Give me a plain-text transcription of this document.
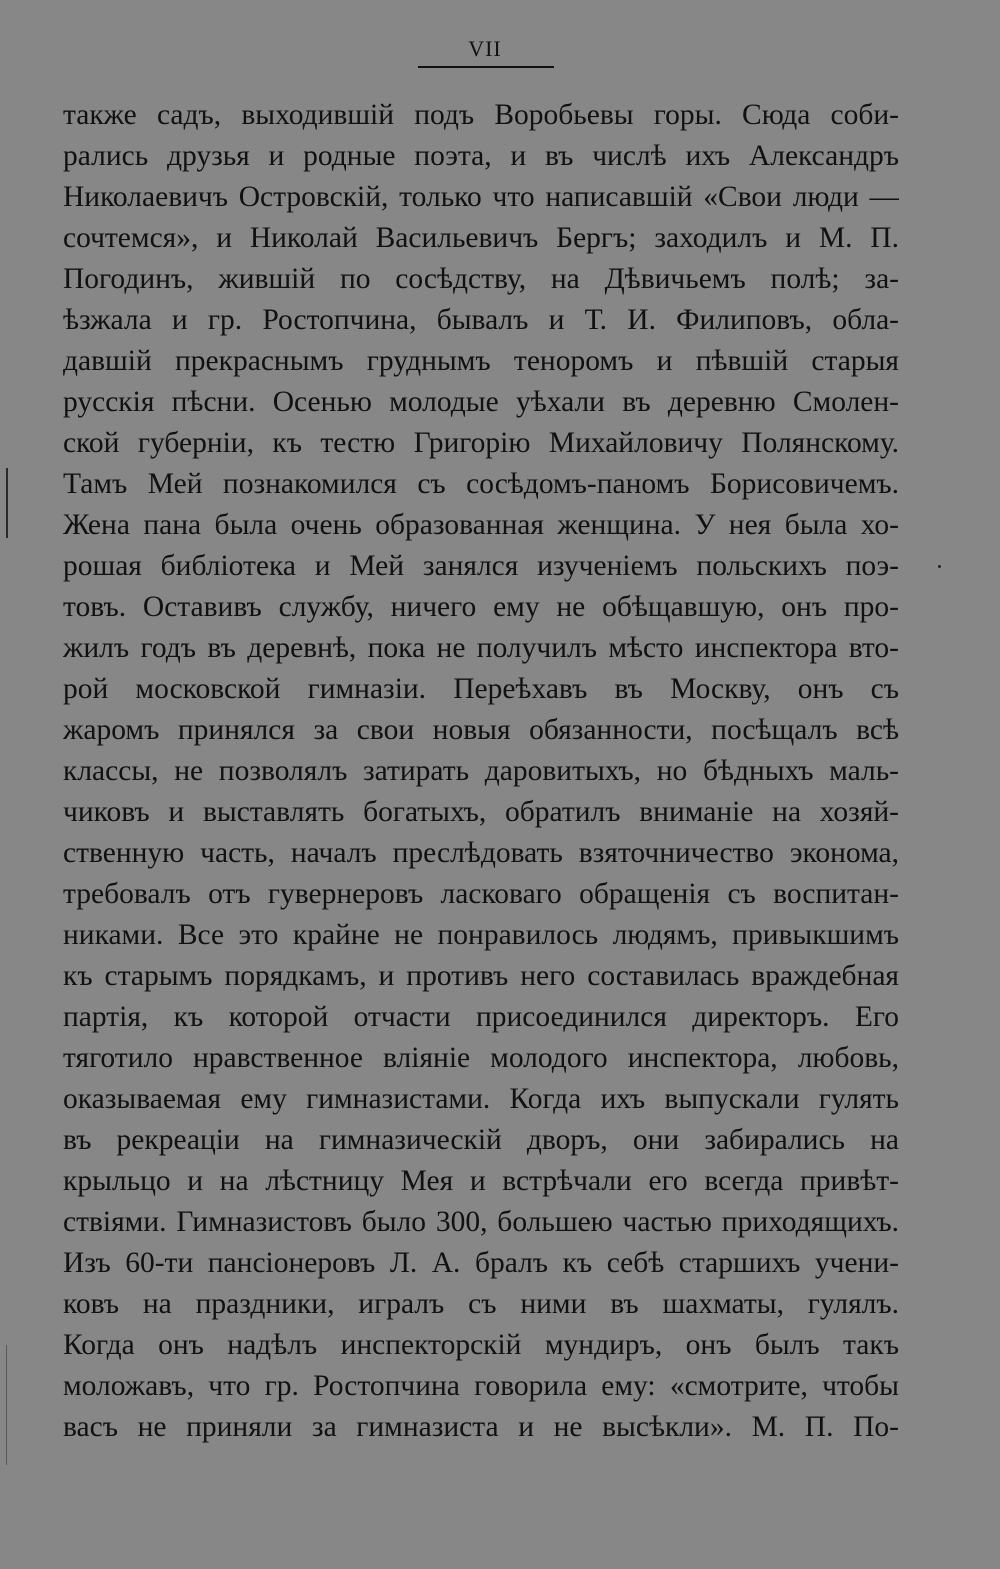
VII
также садъ, выходившій подъ Воробьевы горы. Сюда соби-
рались друзья и родные поэта, и въ числѣ ихъ Александръ
Николаевичъ Островскій, только что написавшій «Свои люди —
сочтемся», и Николай Васильевичъ Бергъ; заходилъ и М. П.
Погодинъ, жившій по сосѣдству, на Дѣвичьемъ полѣ; за-
ѣзжала и гр. Ростопчина, бывалъ и Т. И. Филиповъ, обла-
давшій прекраснымъ груднымъ теноромъ и пѣвшій старыя
русскія пѣсни. Осенью молодые уѣхали въ деревню Смолен-
ской губерніи, къ тестю Григорію Михайловичу Полянскому.
Тамъ Мей познакомился съ сосѣдомъ-паномъ Борисовичемъ.
Жена пана была очень образованная женщина. У нея была хо-
рошая библіотека и Мей занялся изученіемъ польскихъ поэ-
товъ. Оставивъ службу, ничего ему не обѣщавшую, онъ про-
жилъ годъ въ деревнѣ, пока не получилъ мѣсто инспектора вто-
рой московской гимназіи. Переѣхавъ въ Москву, онъ съ
жаромъ принялся за свои новыя обязанности, посѣщалъ всѣ
классы, не позволялъ затирать даровитыхъ, но бѣдныхъ маль-
чиковъ и выставлять богатыхъ, обратилъ вниманіе на хозяй-
ственную часть, началъ преслѣдовать взяточничество эконома,
требовалъ отъ гувернеровъ ласковаго обращенія съ воспитан-
никами. Все это крайне не понравилось людямъ, привыкшимъ
къ старымъ порядкамъ, и противъ него составилась враждебная
партія, къ которой отчасти присоединился директоръ. Его
тяготило нравственное вліяніе молодого инспектора, любовь,
оказываемая ему гимназистами. Когда ихъ выпускали гулять
въ рекреаціи на гимназическій дворъ, они забирались на
крыльцо и на лѣстницу Мея и встрѣчали его всегда привѣт-
ствіями. Гимназистовъ было 300, большею частью приходящихъ.
Изъ 60-ти пансіонеровъ Л. А. бралъ къ себѣ старшихъ учени-
ковъ на праздники, игралъ съ ними въ шахматы, гулялъ.
Когда онъ надѣлъ инспекторскій мундиръ, онъ былъ такъ
моложавъ, что гр. Ростопчина говорила ему: «смотрите, чтобы
васъ не приняли за гимназиста и не высѣкли». М. П. По-
